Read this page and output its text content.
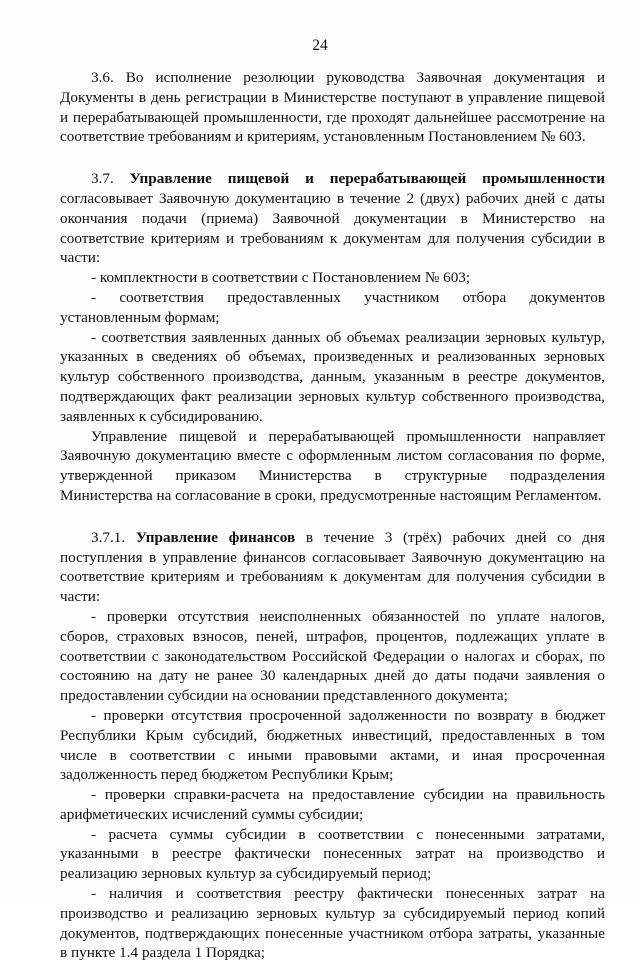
24

3.6. Во исполнение резолюции руководства Заявочная документация и Документы в день регистрации в Министерстве поступают в управление пищевой и перерабатывающей промышленности, где проходят дальнейшее рассмотрение на соответствие требованиям и критериям, установленным Постановлением № 603.

3.7. Управление пищевой и перерабатывающей промышленности согласовывает Заявочную документацию в течение 2 (двух) рабочих дней с даты окончания подачи (приема) Заявочной документации в Министерство на соответствие критериям и требованиям к документам для получения субсидии в части:

- комплектности в соответствии с Постановлением № 603;

- соответствия предоставленных участником отбора документов установленным формам;

- соответствия заявленных данных об объемах реализации зерновых культур, указанных в сведениях об объемах, произведенных и реализованных зерновых культур собственного производства, данным, указанным в реестре документов, подтверждающих факт реализации зерновых культур собственного производства, заявленных к субсидированию.

Управление пищевой и перерабатывающей промышленности направляет Заявочную документацию вместе с оформленным листом согласования по форме, утвержденной приказом Министерства в структурные подразделения Министерства на согласование в сроки, предусмотренные настоящим Регламентом.

3.7.1. Управление финансов в течение 3 (трёх) рабочих дней со дня поступления в управление финансов согласовывает Заявочную документацию на соответствие критериям и требованиям к документам для получения субсидии в части:

- проверки отсутствия неисполненных обязанностей по уплате налогов, сборов, страховых взносов, пеней, штрафов, процентов, подлежащих уплате в соответствии с законодательством Российской Федерации о налогах и сборах, по состоянию на дату не ранее 30 календарных дней до даты подачи заявления о предоставлении субсидии на основании представленного документа;

- проверки отсутствия просроченной задолженности по возврату в бюджет Республики Крым субсидий, бюджетных инвестиций, предоставленных в том числе в соответствии с иными правовыми актами, и иная просроченная задолженность перед бюджетом Республики Крым;

- проверки справки-расчета на предоставление субсидии на правильность арифметических исчислений суммы субсидии;

- расчета суммы субсидии в соответствии с понесенными затратами, указанными в реестре фактически понесенных затрат на производство и реализацию зерновых культур за субсидируемый период;

- наличия и соответствия реестру фактически понесенных затрат на производство и реализацию зерновых культур за субсидируемый период копий документов, подтверждающих понесенные участником отбора затраты, указанные в пункте 1.4 раздела 1 Порядка;
